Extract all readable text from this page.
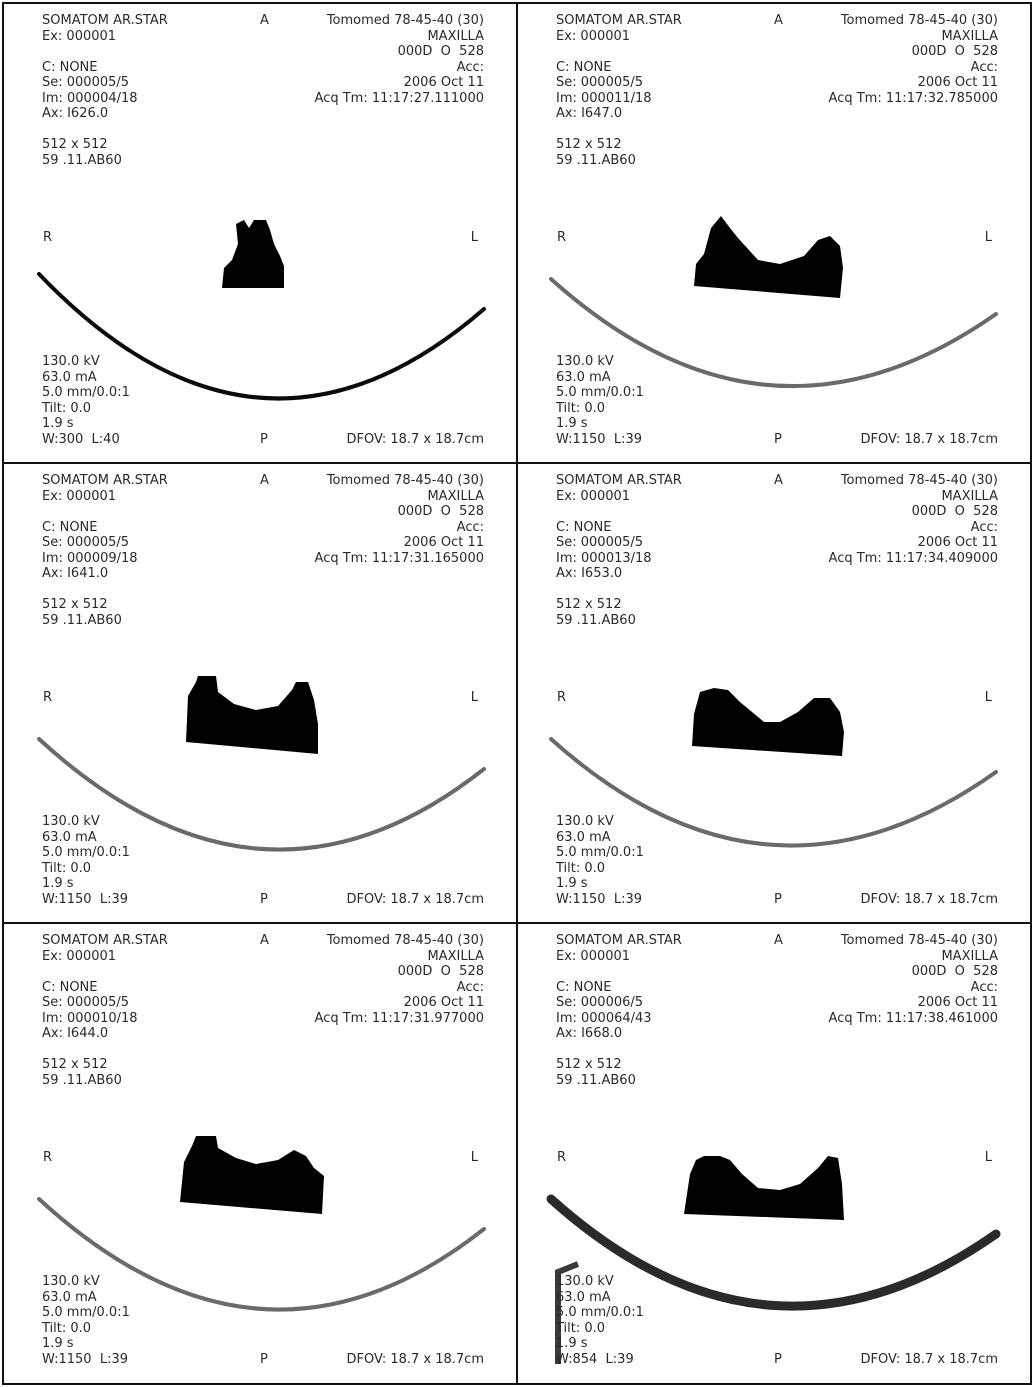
SOMATOM AR.STAR
Ex: 000001
C: NONE
Se: 000005/5
Im: 000004/18
Ax: I626.0
512 x 512
59 .11.AB60
Tomomed 78-45-40 (30)
MAXILLA
000D  O  528
Acc:
2006 Oct 11
Acq Tm: 11:17:27.111000
130.0 kV
63.0 mA
5.0 mm/0.0:1
Tilt: 0.0
1.9 s
W:300  L:40	DFOV: 18.7 x 18.7cm
A
R	L
P
SOMATOM AR.STAR
Ex: 000001
C: NONE
Se: 000005/5
Im: 000011/18
Ax: I647.0
512 x 512
59 .11.AB60
Tomomed 78-45-40 (30)
MAXILLA
000D  O  528
Acc:
2006 Oct 11
Acq Tm: 11:17:32.785000
130.0 kV
63.0 mA
5.0 mm/0.0:1
Tilt: 0.0
1.9 s
W:1150  L:39	DFOV: 18.7 x 18.7cm
A
R	L
P
SOMATOM AR.STAR
Ex: 000001
C: NONE
Se: 000005/5
Im: 000009/18
Ax: I641.0
512 x 512
59 .11.AB60
Tomomed 78-45-40 (30)
MAXILLA
000D  O  528
Acc:
2006 Oct 11
Acq Tm: 11:17:31.165000
130.0 kV
63.0 mA
5.0 mm/0.0:1
Tilt: 0.0
1.9 s
W:1150  L:39	DFOV: 18.7 x 18.7cm
A
R	L
P
SOMATOM AR.STAR
Ex: 000001
C: NONE
Se: 000005/5
Im: 000013/18
Ax: I653.0
512 x 512
59 .11.AB60
Tomomed 78-45-40 (30)
MAXILLA
000D  O  528
Acc:
2006 Oct 11
Acq Tm: 11:17:34.409000
130.0 kV
63.0 mA
5.0 mm/0.0:1
Tilt: 0.0
1.9 s
W:1150  L:39	DFOV: 18.7 x 18.7cm
A
R	L
P
SOMATOM AR.STAR
Ex: 000001
C: NONE
Se: 000005/5
Im: 000010/18
Ax: I644.0
512 x 512
59 .11.AB60
Tomomed 78-45-40 (30)
MAXILLA
000D  O  528
Acc:
2006 Oct 11
Acq Tm: 11:17:31.977000
130.0 kV
63.0 mA
5.0 mm/0.0:1
Tilt: 0.0
1.9 s
W:1150  L:39	DFOV: 18.7 x 18.7cm
A
R	L
P
SOMATOM AR.STAR
Ex: 000001
C: NONE
Se: 000006/5
Im: 000064/43
Ax: I668.0
512 x 512
59 .11.AB60
Tomomed 78-45-40 (30)
MAXILLA
000D  O  528
Acc:
2006 Oct 11
Acq Tm: 11:17:38.461000
130.0 kV
63.0 mA
5.0 mm/0.0:1
Tilt: 0.0
1.9 s
W:854  L:39	DFOV: 18.7 x 18.7cm
A
R	L
P
